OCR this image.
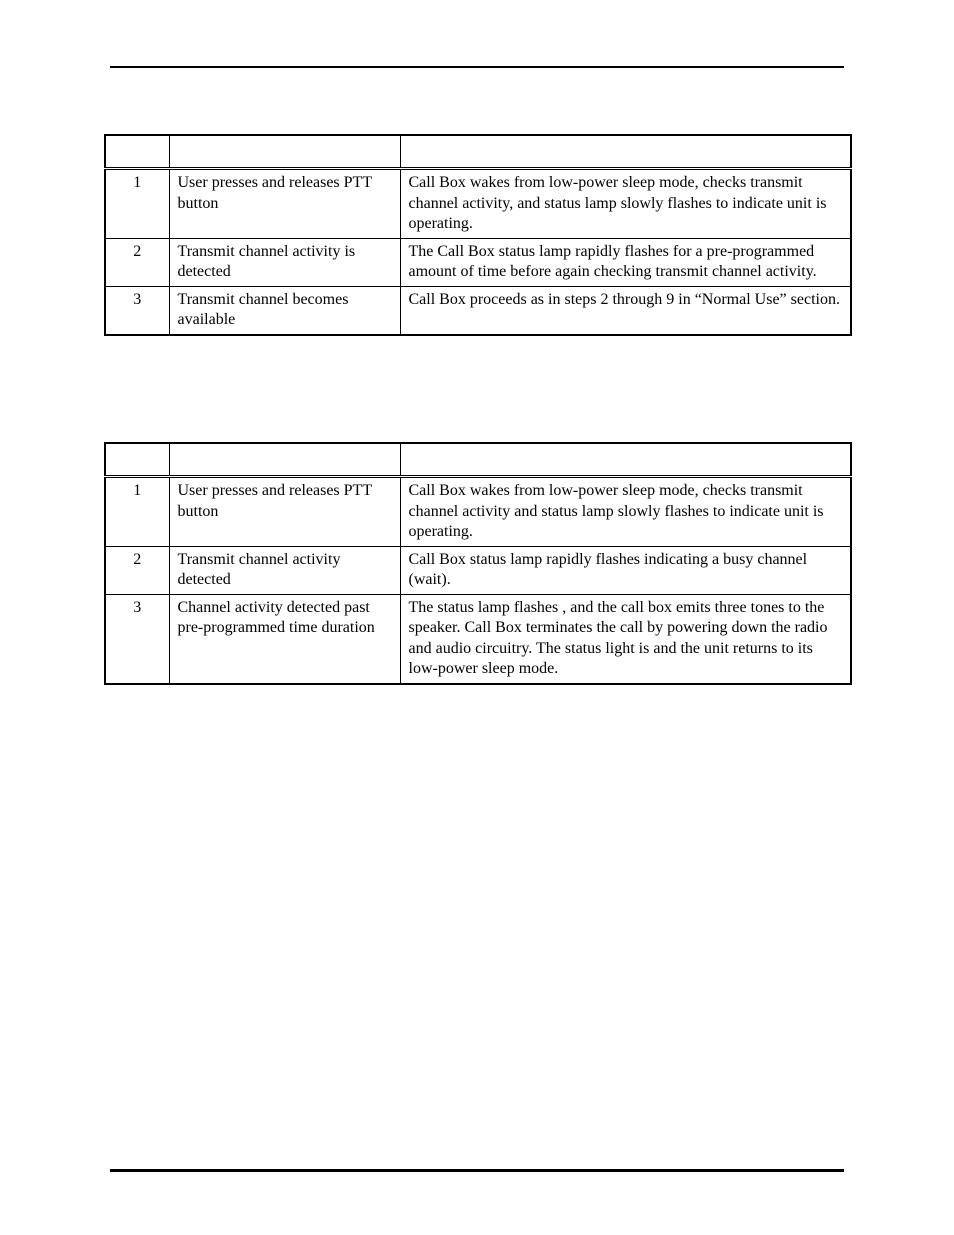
1	User presses and releases PTT button	Call Box wakes from low-power sleep mode, checks transmit channel activity, and status lamp slowly flashes to indicate unit is operating.
2	Transmit channel activity is detected	The Call Box status lamp rapidly flashes for a pre-programmed amount of time before again checking transmit channel activity.
3	Transmit channel becomes available	Call Box proceeds as in steps 2 through 9 in “Normal Use” section.

1	User presses and releases PTT button	Call Box wakes from low-power sleep mode, checks transmit channel activity and status lamp slowly flashes to indicate unit is operating.
2	Transmit channel activity detected	Call Box status lamp rapidly flashes indicating a busy channel (wait).
3	Channel activity detected past pre-programmed time duration	The status lamp flashes , and the call box emits three tones to the speaker. Call Box terminates the call by powering down the radio and audio circuitry. The status light is and the unit returns to its low-power sleep mode.
